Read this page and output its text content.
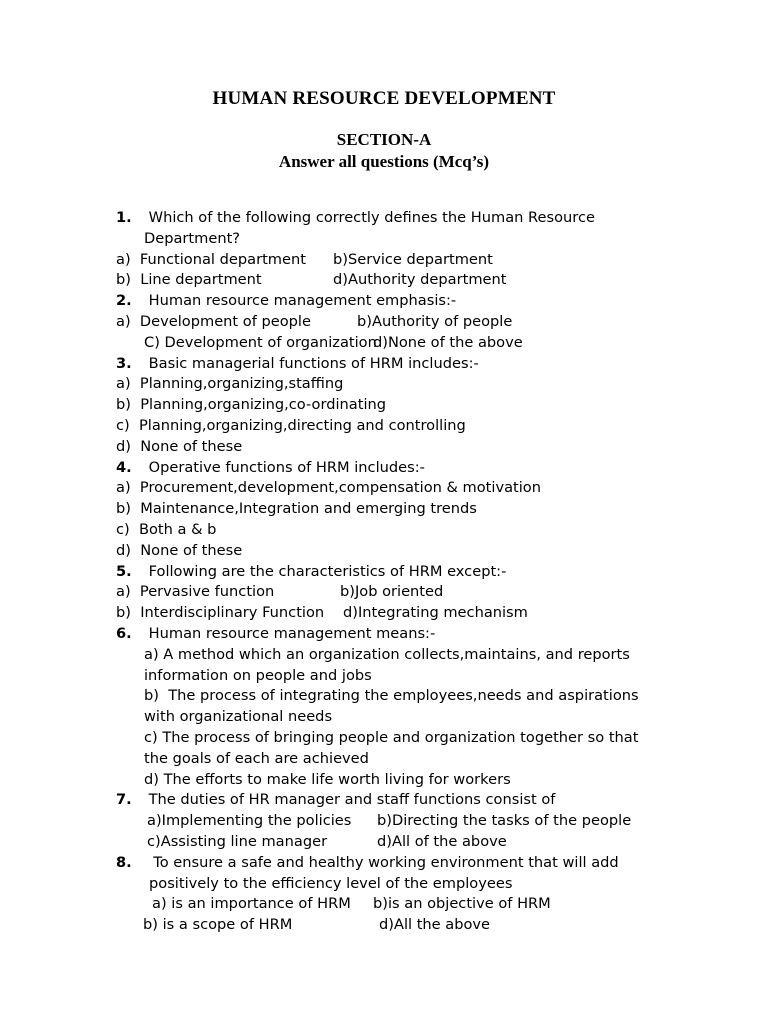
HUMAN RESOURCE DEVELOPMENT
SECTION-A
Answer all questions (Mcq’s)
1. Which of the following correctly defines the Human Resource
Department?
a)  Functional department b)Service department
b)  Line department	d)Authority department
2. Human resource management emphasis:-
a)  Development of people	b)Authority of people
C) Development of organizationd)None of the above
3. Basic managerial functions of HRM includes:-
a)  Planning,organizing,staffing
b)  Planning,organizing,co-ordinating
c)  Planning,organizing,directing and controlling
d)  None of these
4. Operative functions of HRM includes:-
a)  Procurement,development,compensation & motivation
b)  Maintenance,Integration and emerging trends
c)  Both a & b
d)  None of these
5. Following are the characteristics of HRM except:-
a)  Pervasive function	b)Job oriented
b)  Interdisciplinary Function d)Integrating mechanism
6. Human resource management means:-
a) A method which an organization collects,maintains, and reports
information on people and jobs
b)  The process of integrating the employees,needs and aspirations
with organizational needs
c) The process of bringing people and organization together so that
the goals of each are achieved
d) The efforts to make life worth living for workers
7. The duties of HR manager and staff functions consist of
a)Implementing the policies b)Directing the tasks of the people
c)Assisting line manager	d)All of the above
8.  To ensure a safe and healthy working environment that will add
positively to the efficiency level of the employees
a) is an importance of HRM b)is an objective of HRM
b) is a scope of HRM	d)All the above
